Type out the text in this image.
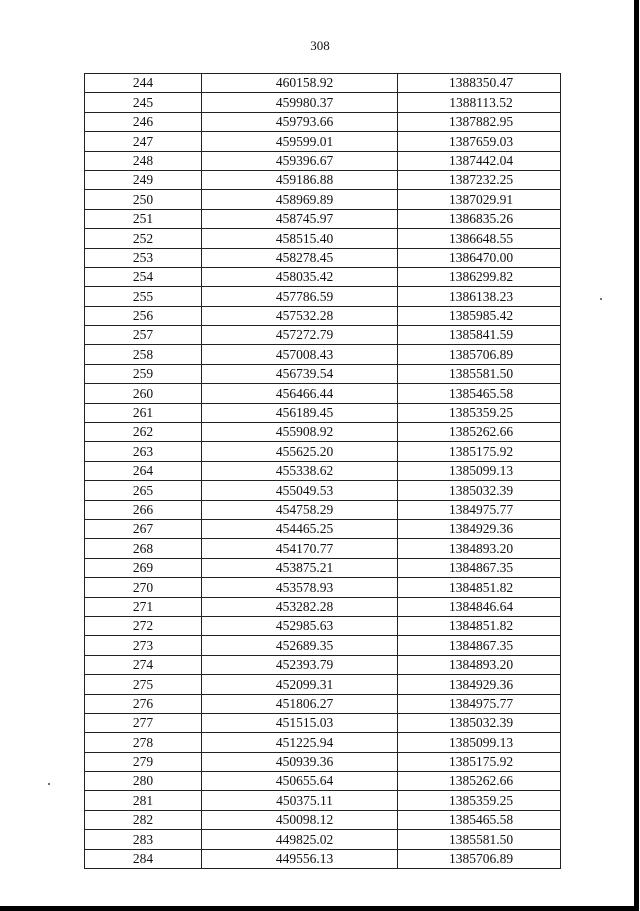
308
244	460158.92	1388350.47
245	459980.37	1388113.52
246	459793.66	1387882.95
247	459599.01	1387659.03
248	459396.67	1387442.04
249	459186.88	1387232.25
250	458969.89	1387029.91
251	458745.97	1386835.26
252	458515.40	1386648.55
253	458278.45	1386470.00
254	458035.42	1386299.82
255	457786.59	1386138.23
256	457532.28	1385985.42
257	457272.79	1385841.59
258	457008.43	1385706.89
259	456739.54	1385581.50
260	456466.44	1385465.58
261	456189.45	1385359.25
262	455908.92	1385262.66
263	455625.20	1385175.92
264	455338.62	1385099.13
265	455049.53	1385032.39
266	454758.29	1384975.77
267	454465.25	1384929.36
268	454170.77	1384893.20
269	453875.21	1384867.35
270	453578.93	1384851.82
271	453282.28	1384846.64
272	452985.63	1384851.82
273	452689.35	1384867.35
274	452393.79	1384893.20
275	452099.31	1384929.36
276	451806.27	1384975.77
277	451515.03	1385032.39
278	451225.94	1385099.13
279	450939.36	1385175.92
280	450655.64	1385262.66
281	450375.11	1385359.25
282	450098.12	1385465.58
283	449825.02	1385581.50
284	449556.13	1385706.89
